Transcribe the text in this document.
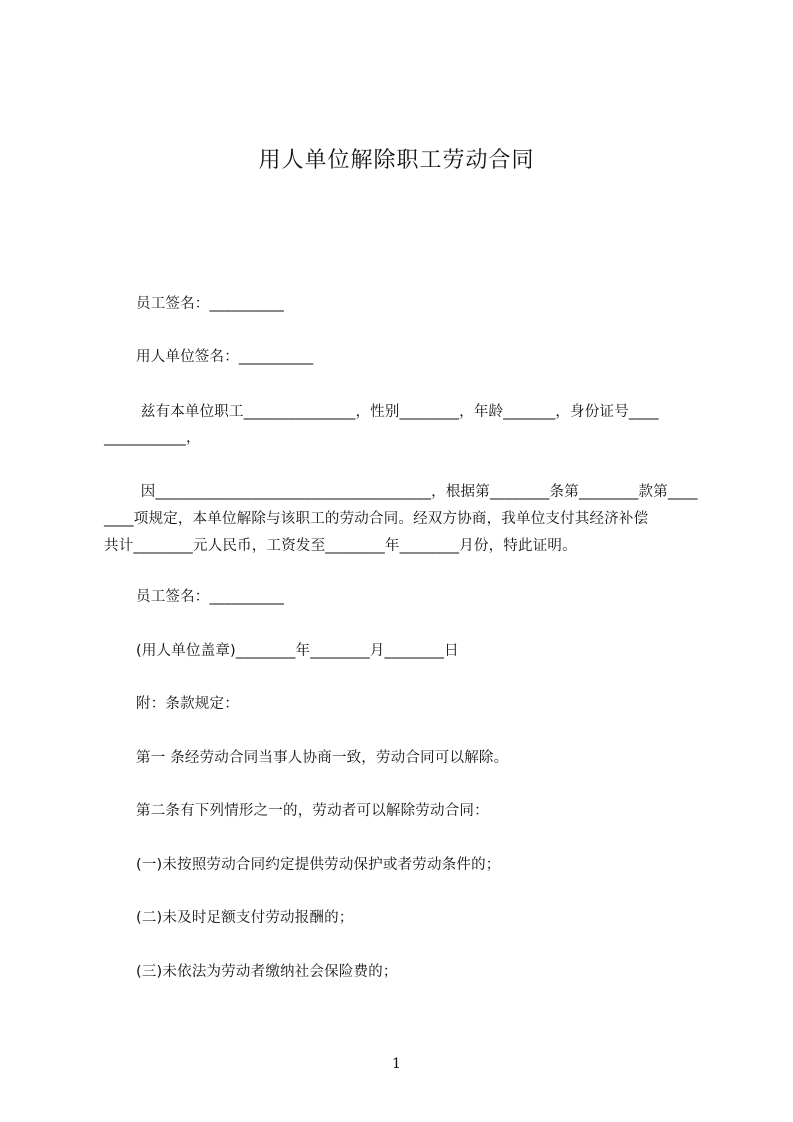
用人单位解除职工劳动合同
员工签名：__________
用人单位签名：__________
兹有本单位职工_______________，性别________，年龄_______，身份证号____
___________，
因_____________________________________，根据第________条第________款第____
____项规定，本单位解除与该职工的劳动合同。经双方协商，我单位支付其经济补偿
共计________元人民币，工资发至________年________月份，特此证明。
员工签名：__________
(用人单位盖章)________年________月________日
附：条款规定：
第一 条经劳动合同当事人协商一致，劳动合同可以解除。
第二条有下列情形之一的，劳动者可以解除劳动合同：
(一)未按照劳动合同约定提供劳动保护或者劳动条件的；
(二)未及时足额支付劳动报酬的；
(三)未依法为劳动者缴纳社会保险费的；
1
